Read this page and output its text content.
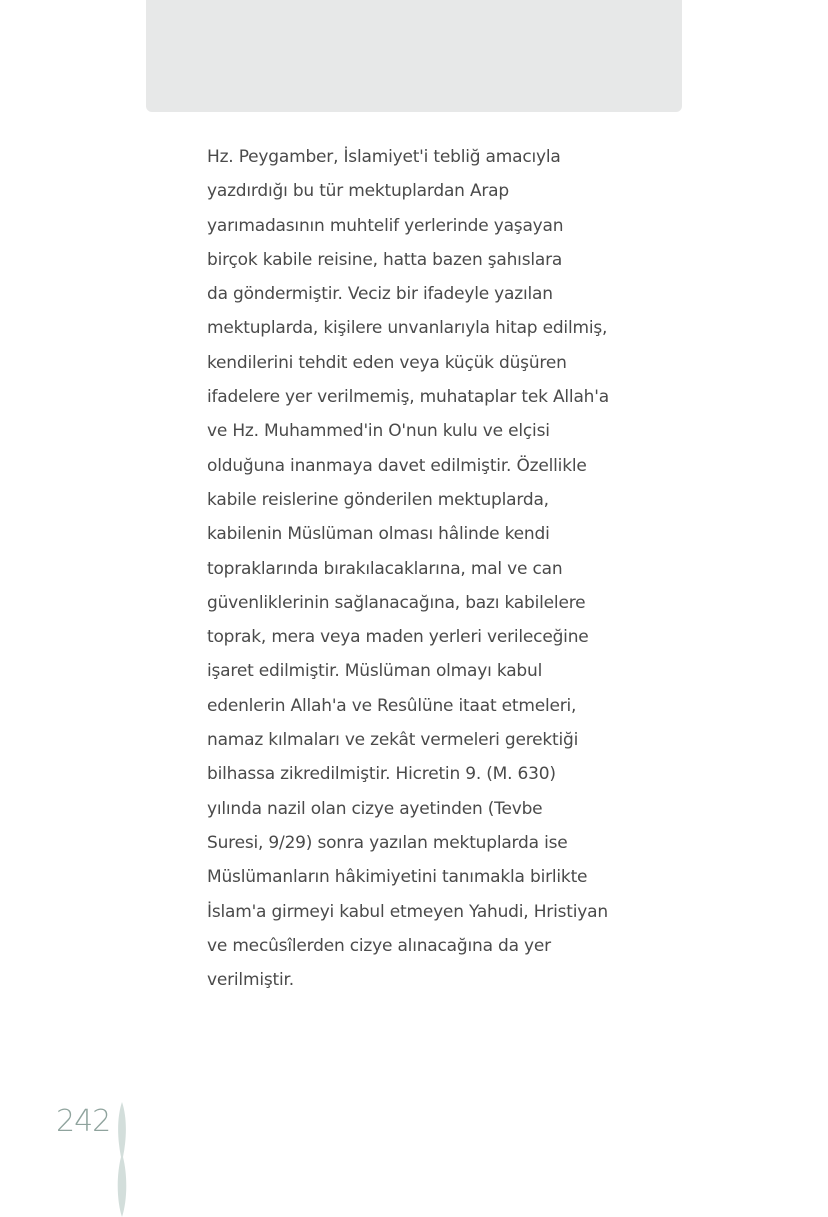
Hz. Peygamber, İslamiyet'i tebliğ amacıyla
yazdırdığı bu tür mektuplardan Arap
yarımadasının muhtelif yerlerinde yaşayan
birçok kabile reisine, hatta bazen şahıslara
da göndermiştir. Veciz bir ifadeyle yazılan
mektuplarda, kişilere unvanlarıyla hitap edilmiş,
kendilerini tehdit eden veya küçük düşüren
ifadelere yer verilmemiş, muhataplar tek Allah'a
ve Hz. Muhammed'in O'nun kulu ve elçisi
olduğuna inanmaya davet edilmiştir. Özellikle
kabile reislerine gönderilen mektuplarda,
kabilenin Müslüman olması hâlinde kendi
topraklarında bırakılacaklarına, mal ve can
güvenliklerinin sağlanacağına, bazı kabilelere
toprak, mera veya maden yerleri verileceğine
işaret edilmiştir. Müslüman olmayı kabul
edenlerin Allah'a ve Resûlüne itaat etmeleri,
namaz kılmaları ve zekât vermeleri gerektiği
bilhassa zikredilmiştir. Hicretin 9. (M. 630)
yılında nazil olan cizye ayetinden (Tevbe
Suresi, 9/29) sonra yazılan mektuplarda ise
Müslümanların hâkimiyetini tanımakla birlikte
İslam'a girmeyi kabul etmeyen Yahudi, Hristiyan
ve mecûsîlerden cizye alınacağına da yer
verilmiştir.
242
